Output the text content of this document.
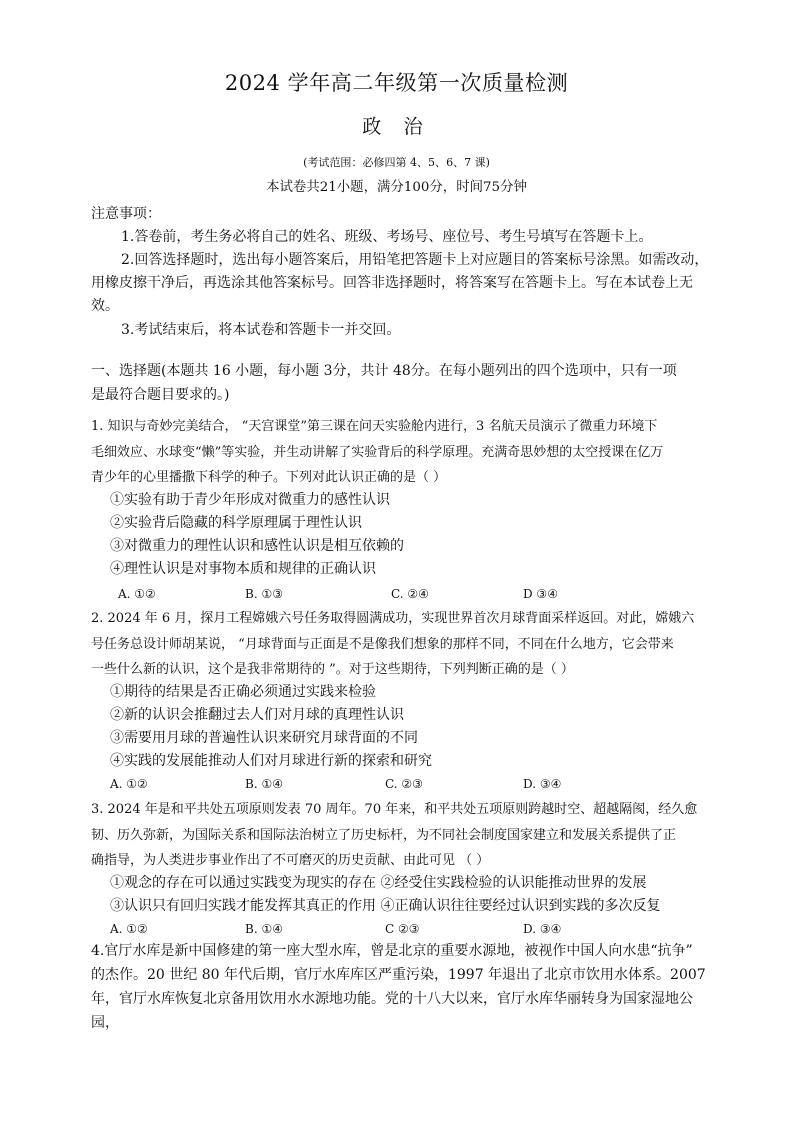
2024 学年高二年级第一次质量检测
政 治
(考试范围：必修四第 4、5、6、7 课)
本试卷共21小题，满分100分，时间75分钟
注意事项：
1.答卷前，考生务必将自己的姓名、班级、考场号、座位号、考生号填写在答题卡上。
2.回答选择题时，选出每小题答案后，用铅笔把答题卡上对应题目的答案标号涂黑。如需改动，
用橡皮擦干净后，再选涂其他答案标号。回答非选择题时，将答案写在答题卡上。写在本试卷上无
效。
3.考试结束后，将本试卷和答题卡一并交回。
一、选择题(本题共 16 小题，每小题 3分，共计 48分。在每小题列出的四个选项中，只有一项
是最符合题目要求的。)
1. 知识与奇妙完美结合， “天宫课堂”第三课在问天实验舱内进行，3 名航天员演示了微重力环境下
毛细效应、水球变“懒”等实验，并生动讲解了实验背后的科学原理。充满奇思妙想的太空授课在亿万
青少年的心里播撒下科学的种子。下列对此认识正确的是（ ）
①实验有助于青少年形成对微重力的感性认识
②实验背后隐藏的科学原理属于理性认识
③对微重力的理性认识和感性认识是相互依赖的
④理性认识是对事物本质和规律的正确认识
A. ①②	B. ①③	C. ②④	D ③④
2. 2024 年 6 月，探月工程嫦娥六号任务取得圆满成功，实现世界首次月球背面采样返回。对此，嫦娥六
号任务总设计师胡某说， “月球背面与正面是不是像我们想象的那样不同，不同在什么地方，它会带来
一些什么新的认识，这个是我非常期待的 ”。对于这些期待，下列判断正确的是（ ）
①期待的结果是否正确必须通过实践来检验
②新的认识会推翻过去人们对月球的真理性认识
③需要用月球的普遍性认识来研究月球背面的不同
④实践的发展能推动人们对月球进行新的探索和研究
A. ①②	B. ①④	C. ②③	D. ③④
3. 2024 年是和平共处五项原则发表 70 周年。70 年来，和平共处五项原则跨越时空、超越隔阂，经久愈
韧、历久弥新，为国际关系和国际法治树立了历史标杆，为不同社会制度国家建立和发展关系提供了正
确指导，为人类进步事业作出了不可磨灭的历史贡献、由此可见 （ ）
①观念的存在可以通过实践变为现实的存在 ②经受住实践检验的认识能推动世界的发展
③认识只有回归实践才能发挥其真正的作用 ④正确认识往往要经过认识到实践的多次反复
A. ①②	B. ①④	C ②③	D. ③④
4.官厅水库是新中国修建的第一座大型水库，曾是北京的重要水源地，被视作中国人向水患“抗争”
的杰作。20 世纪 80 年代后期，官厅水库库区严重污染，1997 年退出了北京市饮用水体系。2007
年，官厅水库恢复北京备用饮用水水源地功能。党的十八大以来，官厅水库华丽转身为国家湿地公
园，
